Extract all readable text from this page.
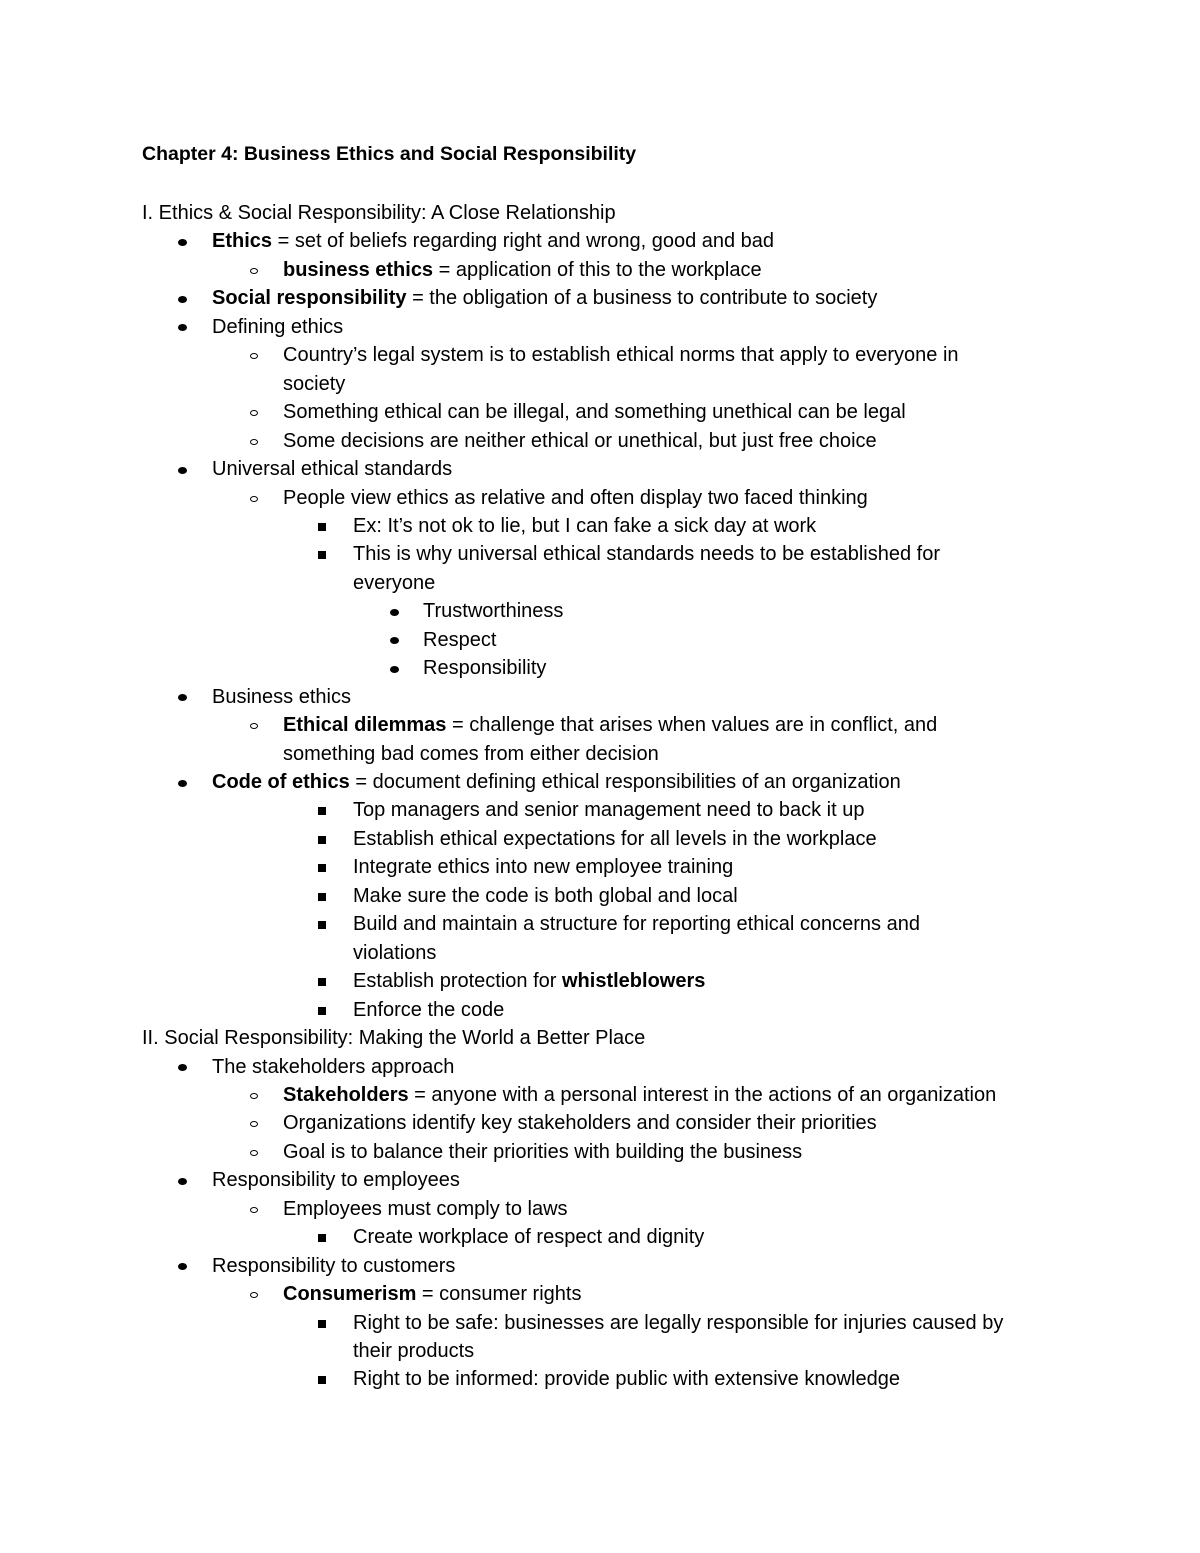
Chapter 4: Business Ethics and Social Responsibility
I. Ethics & Social Responsibility: A Close Relationship
Ethics = set of beliefs regarding right and wrong, good and bad
business ethics = application of this to the workplace
Social responsibility = the obligation of a business to contribute to society
Defining ethics
Country’s legal system is to establish ethical norms that apply to everyone in
society
Something ethical can be illegal, and something unethical can be legal
Some decisions are neither ethical or unethical, but just free choice
Universal ethical standards
People view ethics as relative and often display two faced thinking
Ex: It’s not ok to lie, but I can fake a sick day at work
This is why universal ethical standards needs to be established for
everyone
Trustworthiness
Respect
Responsibility
Business ethics
Ethical dilemmas = challenge that arises when values are in conflict, and
something bad comes from either decision
Code of ethics = document defining ethical responsibilities of an organization
Top managers and senior management need to back it up
Establish ethical expectations for all levels in the workplace
Integrate ethics into new employee training
Make sure the code is both global and local
Build and maintain a structure for reporting ethical concerns and
violations
Establish protection for whistleblowers
Enforce the code
II. Social Responsibility: Making the World a Better Place
The stakeholders approach
Stakeholders = anyone with a personal interest in the actions of an organization
Organizations identify key stakeholders and consider their priorities
Goal is to balance their priorities with building the business
Responsibility to employees
Employees must comply to laws
Create workplace of respect and dignity
Responsibility to customers
Consumerism = consumer rights
Right to be safe: businesses are legally responsible for injuries caused by
their products
Right to be informed: provide public with extensive knowledge
